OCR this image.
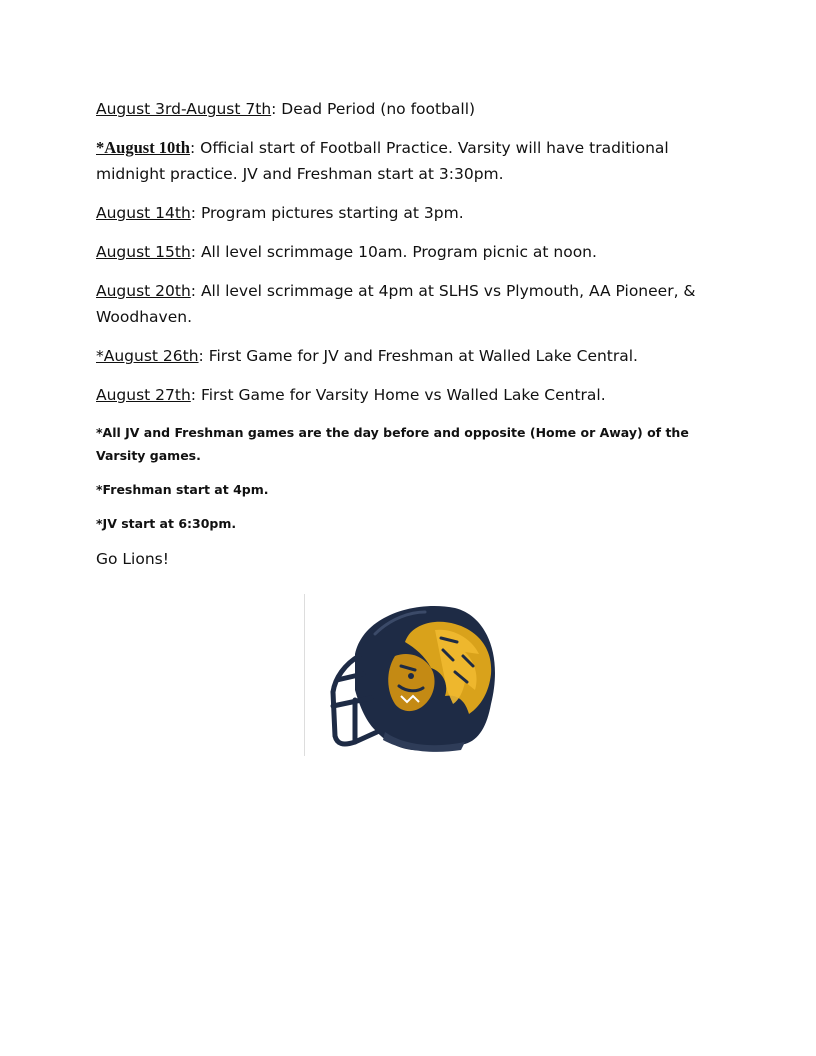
August 3rd-August 7th: Dead Period (no football)

*August 10th: Official start of Football Practice. Varsity will have traditional midnight practice. JV and Freshman start at 3:30pm.

August 14th: Program pictures starting at 3pm.

August 15th: All level scrimmage 10am. Program picnic at noon.

August 20th: All level scrimmage at 4pm at SLHS vs Plymouth, AA Pioneer, & Woodhaven.

*August 26th: First Game for JV and Freshman at Walled Lake Central.

August 27th: First Game for Varsity Home vs Walled Lake Central.

*All JV and Freshman games are the day before and opposite (Home or Away) of the Varsity games.

*Freshman start at 4pm.

*JV start at 6:30pm.

Go Lions!
